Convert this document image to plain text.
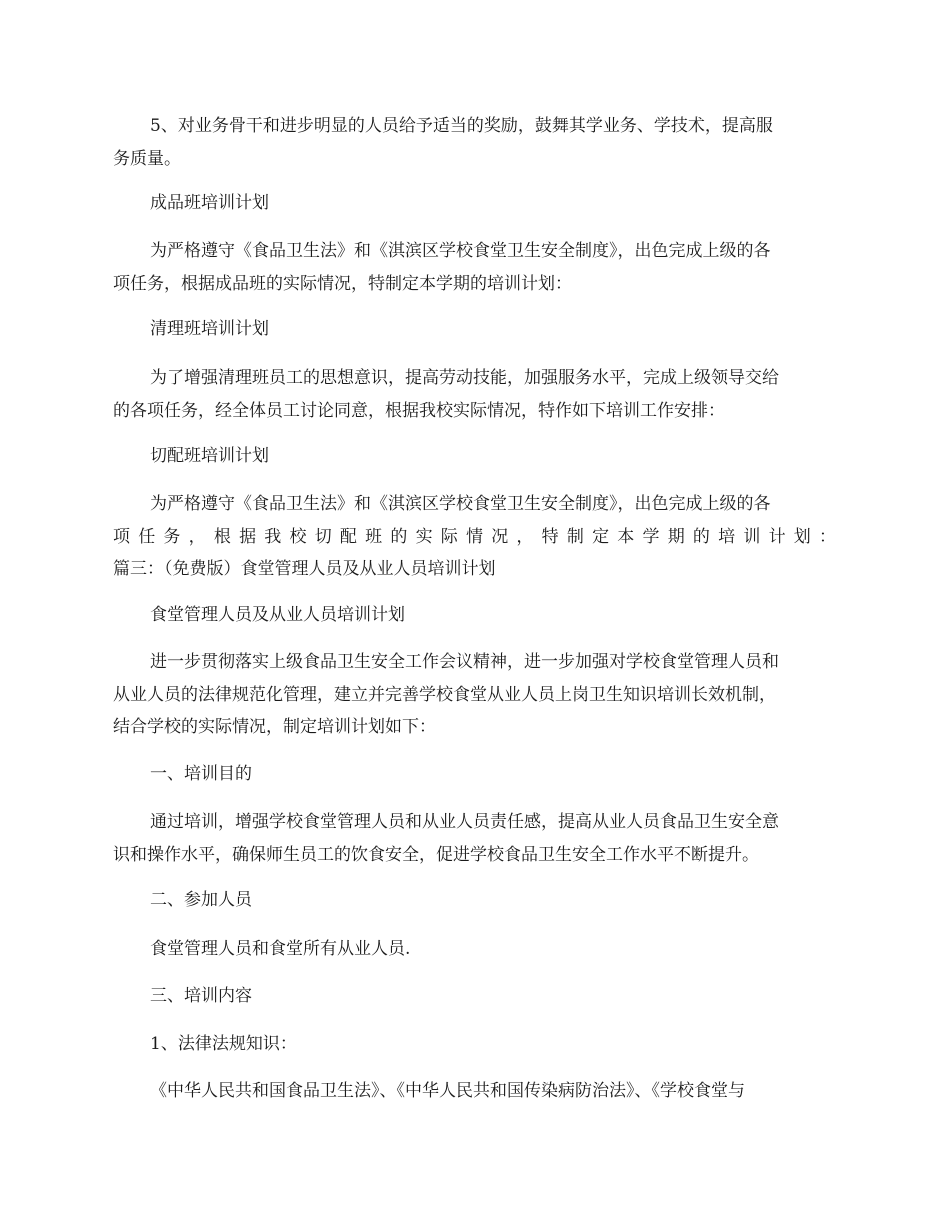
5、对业务骨干和进步明显的人员给予适当的奖励，鼓舞其学业务、学技术，提高服
务质量。
成品班培训计划
为严格遵守《食品卫生法》和《淇滨区学校食堂卫生安全制度》，出色完成上级的各
项任务，根据成品班的实际情况，特制定本学期的培训计划：
清理班培训计划
为了增强清理班员工的思想意识，提高劳动技能，加强服务水平，完成上级领导交给
的各项任务，经全体员工讨论同意，根据我校实际情况，特作如下培训工作安排：
切配班培训计划
为严格遵守《食品卫生法》和《淇滨区学校食堂卫生安全制度》，出色完成上级的各
项任务，根据我校切配班的实际情况，特制定本学期的培训计划：
篇三：（免费版）食堂管理人员及从业人员培训计划
食堂管理人员及从业人员培训计划
进一步贯彻落实上级食品卫生安全工作会议精神，进一步加强对学校食堂管理人员和
从业人员的法律规范化管理，建立并完善学校食堂从业人员上岗卫生知识培训长效机制，
结合学校的实际情况，制定培训计划如下：
一、培训目的
通过培训，增强学校食堂管理人员和从业人员责任感，提高从业人员食品卫生安全意
识和操作水平，确保师生员工的饮食安全，促进学校食品卫生安全工作水平不断提升。
二、参加人员
食堂管理人员和食堂所有从业人员.
三、培训内容
1、法律法规知识：
《中华人民共和国食品卫生法》、《中华人民共和国传染病防治法》、《学校食堂与
